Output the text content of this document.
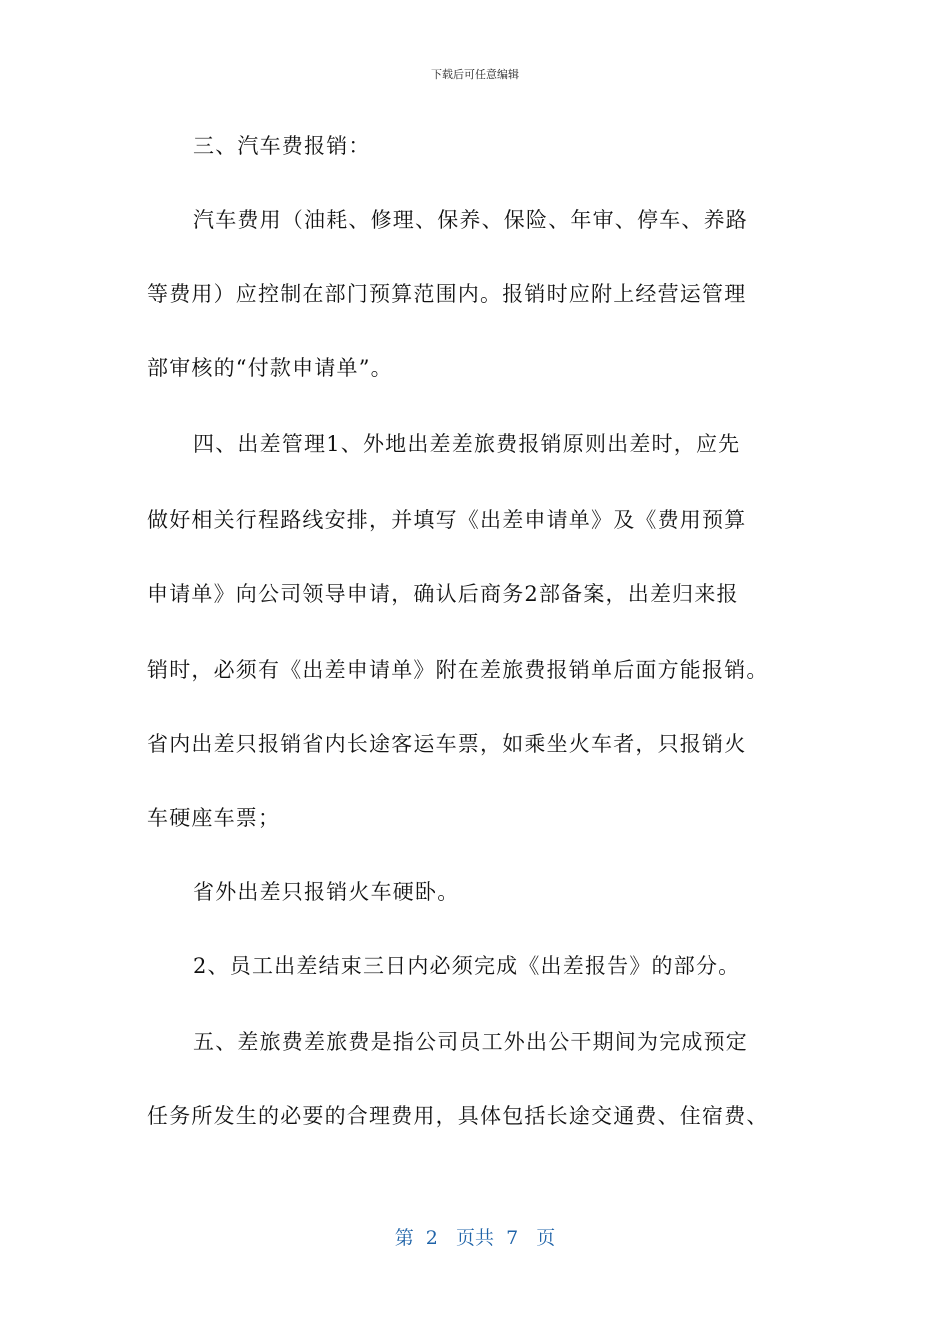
下载后可任意编辑
三、汽车费报销：
汽车费用（油耗、修理、保养、保险、年审、停车、养路
等费用）应控制在部门预算范围内。报销时应附上经营运管理
部审核的“付款申请单”。
四、出差管理1、外地出差差旅费报销原则出差时，应先
做好相关行程路线安排，并填写《出差申请单》及《费用预算
申请单》向公司领导申请，确认后商务2部备案，出差归来报
销时，必须有《出差申请单》附在差旅费报销单后面方能报销。
省内出差只报销省内长途客运车票，如乘坐火车者，只报销火
车硬座车票；
省外出差只报销火车硬卧。
2、员工出差结束三日内必须完成《出差报告》的部分。
五、差旅费差旅费是指公司员工外出公干期间为完成预定
任务所发生的必要的合理费用，具体包括长途交通费、住宿费、
第  2   页共  7   页
